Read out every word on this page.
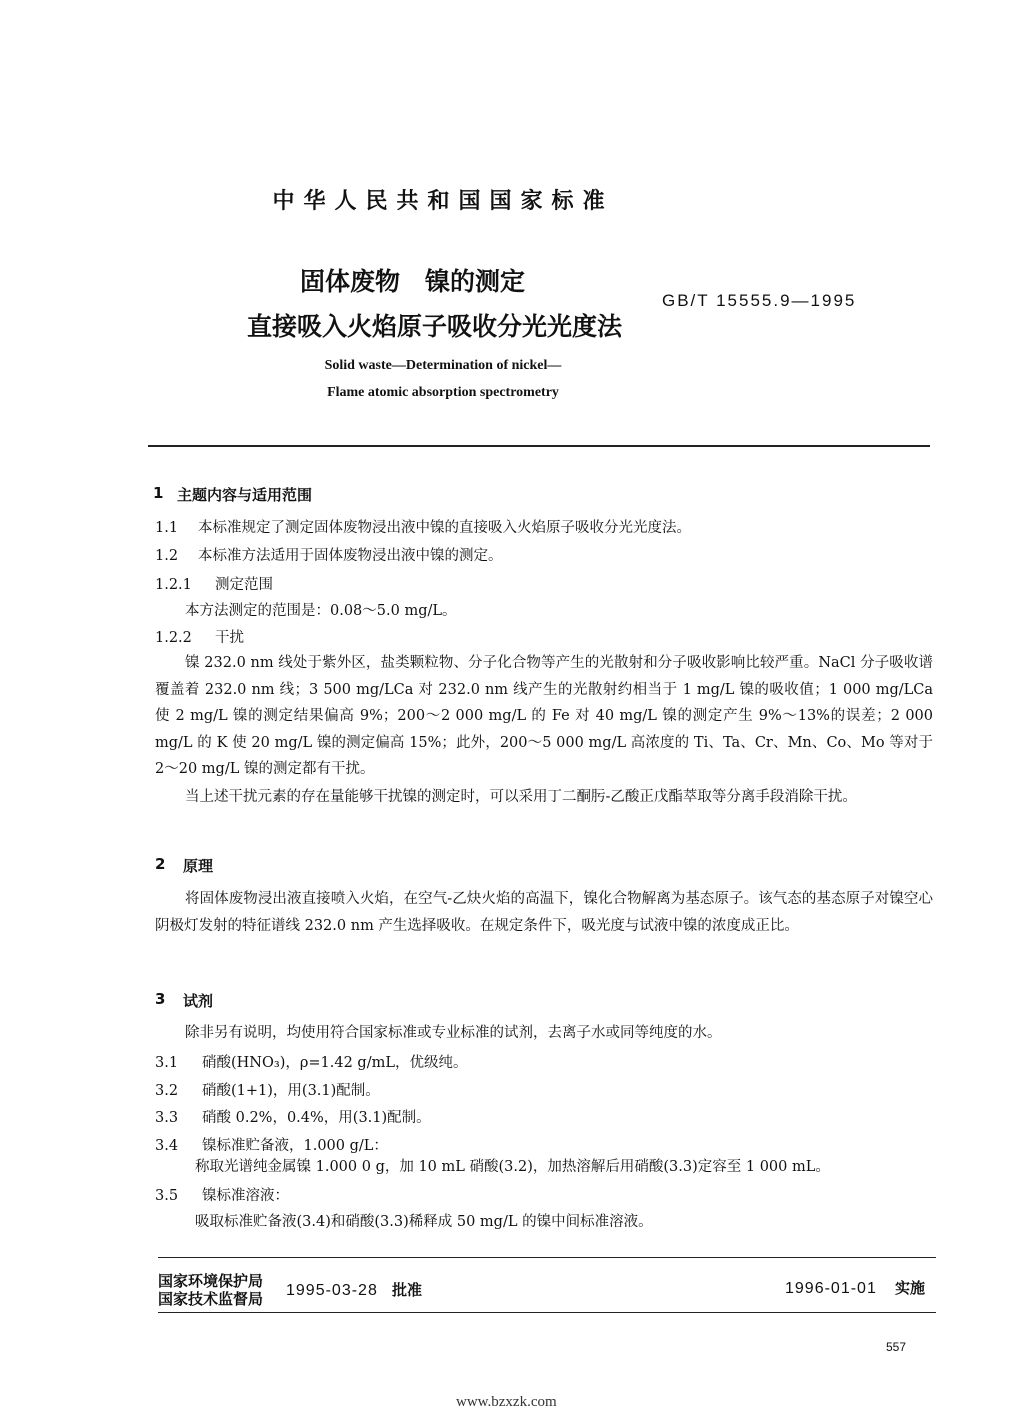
中华人民共和国国家标准
固体废物　镍的测定
直接吸入火焰原子吸收分光光度法
GB/T 15555.9—1995
Solid waste—Determination of nickel—
Flame atomic absorption spectrometry
1 主题内容与适用范围
1.1 本标准规定了测定固体废物浸出液中镍的直接吸入火焰原子吸收分光光度法。
1.2 本标准方法适用于固体废物浸出液中镍的测定。
1.2.1 测定范围
本方法测定的范围是：0.08～5.0 mg/L。
1.2.2 干扰
镍 232.0 nm 线处于紫外区，盐类颗粒物、分子化合物等产生的光散射和分子吸收影响比较严重。NaCl 分子吸收谱覆盖着 232.0 nm 线；3 500 mg/LCa 对 232.0 nm 线产生的光散射约相当于 1 mg/L 镍的吸收值；1 000 mg/LCa 使 2 mg/L 镍的测定结果偏高 9%；200～2 000 mg/L 的 Fe 对 40 mg/L 镍的测定产生 9%～13%的误差；2 000 mg/L 的 K 使 20 mg/L 镍的测定偏高 15%；此外，200～5 000 mg/L 高浓度的 Ti、Ta、Cr、Mn、Co、Mo 等对于 2～20 mg/L 镍的测定都有干扰。
当上述干扰元素的存在量能够干扰镍的测定时，可以采用丁二酮肟-乙酸正戊酯萃取等分离手段消除干扰。
2 原理
将固体废物浸出液直接喷入火焰，在空气-乙炔火焰的高温下，镍化合物解离为基态原子。该气态的基态原子对镍空心阴极灯发射的特征谱线 232.0 nm 产生选择吸收。在规定条件下，吸光度与试液中镍的浓度成正比。
3 试剂
除非另有说明，均使用符合国家标准或专业标准的试剂，去离子水或同等纯度的水。
3.1 硝酸(HNO₃)，ρ=1.42 g/mL，优级纯。
3.2 硝酸(1+1)，用(3.1)配制。
3.3 硝酸 0.2%，0.4%，用(3.1)配制。
3.4 镍标准贮备液，1.000 g/L：
称取光谱纯金属镍 1.000 0 g，加 10 mL 硝酸(3.2)，加热溶解后用硝酸(3.3)定容至 1 000 mL。
3.5 镍标准溶液：
吸取标准贮备液(3.4)和硝酸(3.3)稀释成 50 mg/L 的镍中间标准溶液。
国家环境保护局
国家技术监督局 1995-03-28 批准	1996-01-01 实施
557
www.bzxzk.com
